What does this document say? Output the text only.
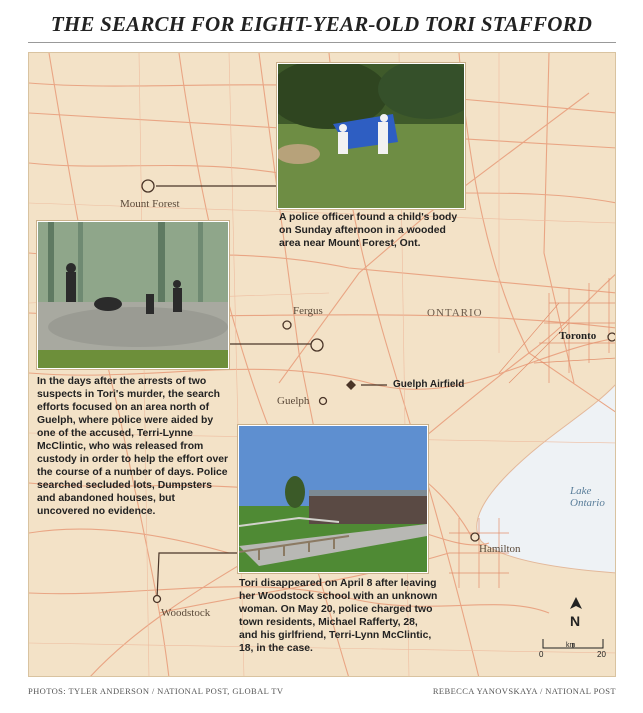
THE SEARCH FOR EIGHT-YEAR-OLD TORI STAFFORD
A police officer found a child's body on Sunday afternoon in a wooded area near Mount Forest, Ont.
In the days after the arrests of two suspects in Tori's murder, the search efforts focused on an area north of Guelph, where police were aided by one of the accused, Terri-Lynne McClintic, who was released from custody in order to help the effort over the course of a number of days. Police searched secluded lots, Dumpsters and abandoned houses, but uncovered no evidence.
Tori disappeared on April 8 after leaving her Woodstock school with an unknown woman. On May 20, police charged two town residents, Michael Rafferty, 28, and his girlfriend, Terri-Lynn McClintic, 18, in the case.
Mount Forest
Fergus	ONTARIO
Guelph
Guelph Airfield
Toronto
Hamilton
Woodstock
Lake
Ontario
N
0
km
20
PHOTOS: TYLER ANDERSON / NATIONAL POST, GLOBAL TV	REBECCA YANOVSKAYA / NATIONAL POST
